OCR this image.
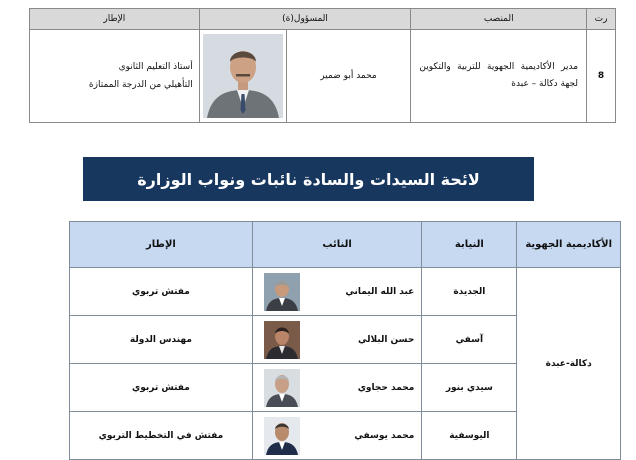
رت	المنصب	المسؤول(ة)		الإطار
8	مدير الأكاديمية الجهوية للتربية والتكوين لجهة دكالة – عبدة	محمد أبو ضمير		أستاذ التعليم الثانوي
التأهيلي من الدرجة الممتازة
لائحة السيدات والسادة نائبات ونواب الوزارة
الأكاديمية الجهوية	النيابة	النائب	الإطار
دكالة-عبدة	الجديدة	عبد الله اليماني	مفتش تربوي
	آسفي	حسن البلالي	مهندس الدولة
	سيدي بنور	محمد حجاوي	مفتش تربوي
	اليوسفية	محمد يوسفي	مفتش في التخطيط التربوي
